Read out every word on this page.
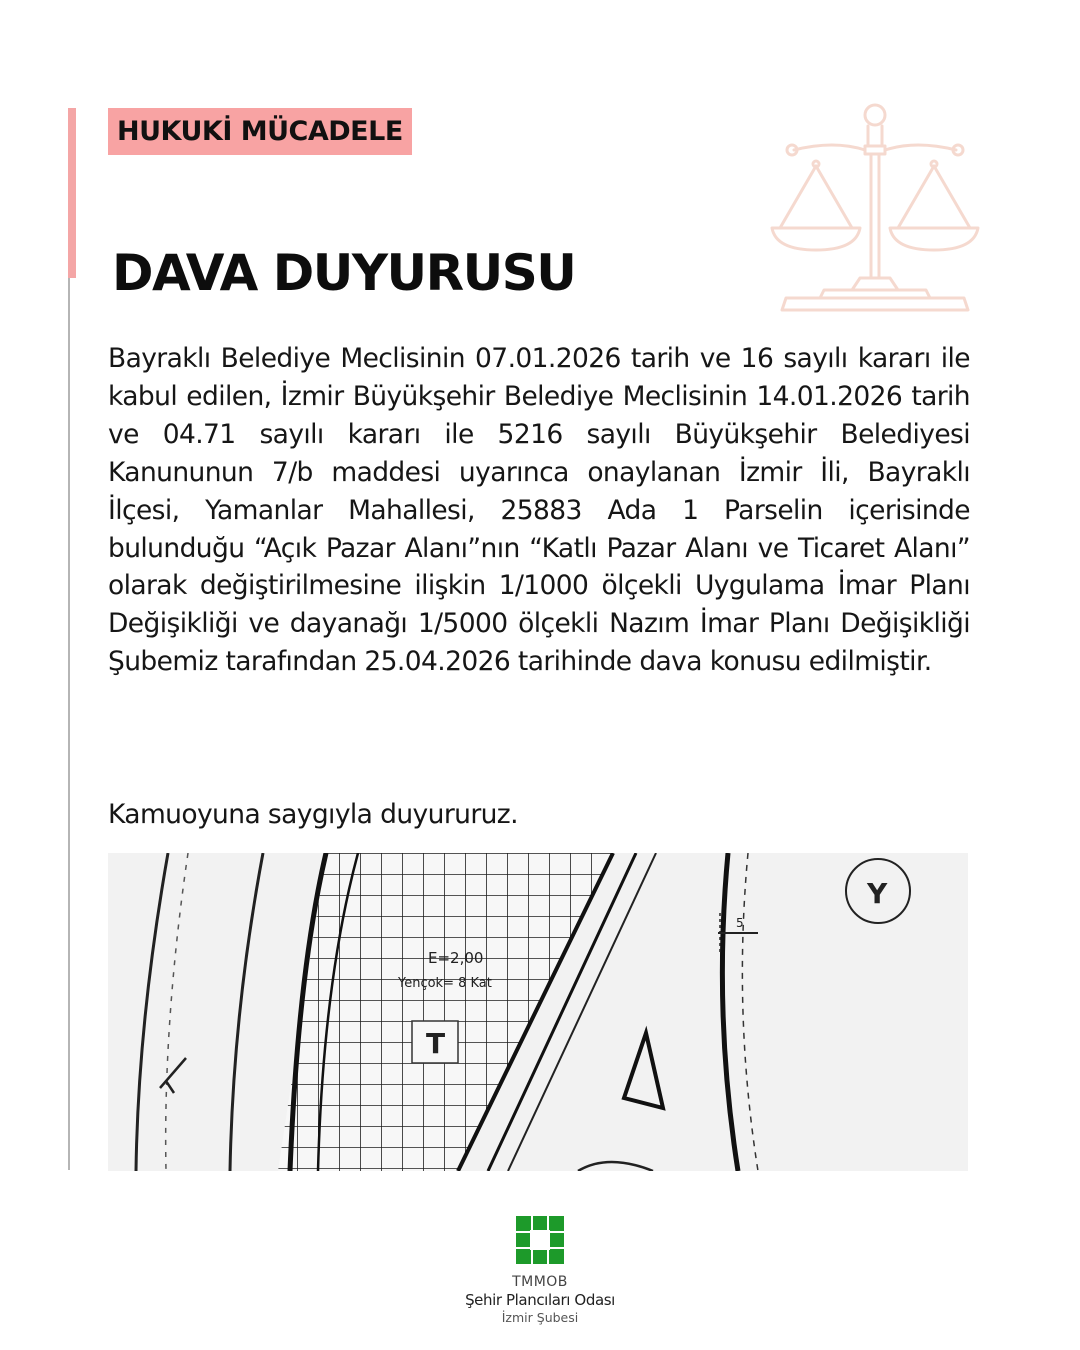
HUKUKİ MÜCADELE
DAVA DUYURUSU

Bayraklı Belediye Meclisinin 07.01.2026 tarih ve 16 sayılı kararı ile kabul edilen, İzmir Büyükşehir Belediye Meclisinin 14.01.2026 tarih ve 04.71 sayılı kararı ile 5216 sayılı Büyükşehir Belediyesi Kanununun 7/b maddesi uyarınca onaylanan İzmir İli, Bayraklı İlçesi, Yamanlar Mahallesi, 25883 Ada 1 Parselin içerisinde bulunduğu “Açık Pazar Alanı”nın “Katlı Pazar Alanı ve Ticaret Alanı” olarak değiştirilmesine ilişkin 1/1000 ölçekli Uygulama İmar Planı Değişikliği ve dayanağı 1/5000 ölçekli Nazım İmar Planı Değişikliği Şubemiz tarafından 25.04.2026 tarihinde dava konusu edilmiştir.

Kamuoyuna saygıyla duyururuz.

5
E=2,00
Yençok= 8 Kat
T
Y
TMMOB
Şehir Plancıları Odası
İzmir Şubesi
